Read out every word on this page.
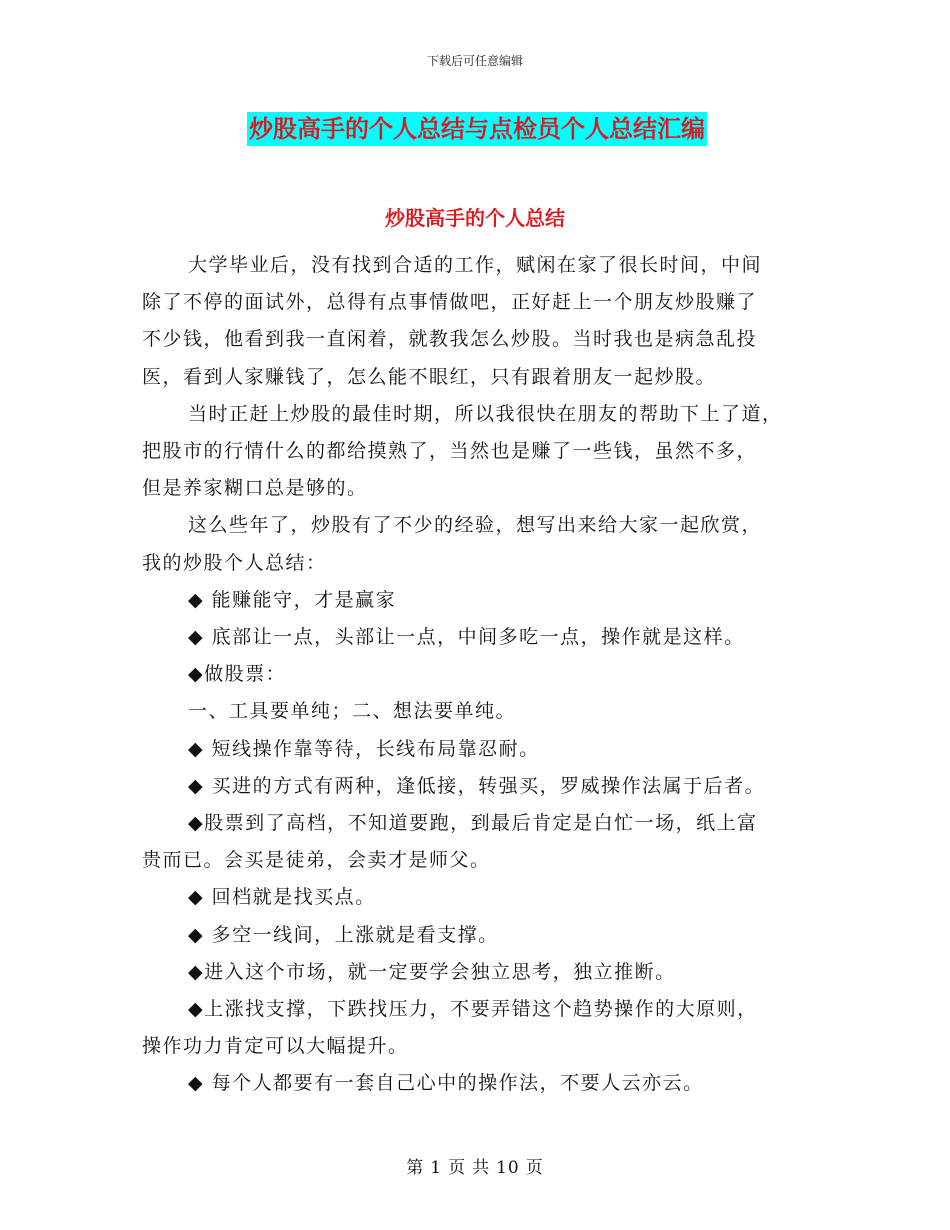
下载后可任意编辑
炒股高手的个人总结与点检员个人总结汇编
炒股高手的个人总结

大学毕业后，没有找到合适的工作，赋闲在家了很长时间，中间

除了不停的面试外，总得有点事情做吧，正好赶上一个朋友炒股赚了

不少钱，他看到我一直闲着，就教我怎么炒股。当时我也是病急乱投

医，看到人家赚钱了，怎么能不眼红，只有跟着朋友一起炒股。

当时正赶上炒股的最佳时期，所以我很快在朋友的帮助下上了道，

把股市的行情什么的都给摸熟了，当然也是赚了一些钱，虽然不多，

但是养家糊口总是够的。

这么些年了，炒股有了不少的经验，想写出来给大家一起欣赏，

我的炒股个人总结：

◆ 能赚能守，才是赢家

◆ 底部让一点，头部让一点，中间多吃一点，操作就是这样。

◆做股票：

一、工具要单纯；二、想法要单纯。

◆ 短线操作靠等待，长线布局靠忍耐。

◆ 买进的方式有两种，逢低接，转强买，罗威操作法属于后者。

◆股票到了高档，不知道要跑，到最后肯定是白忙一场，纸上富

贵而已。会买是徒弟，会卖才是师父。

◆ 回档就是找买点。

◆ 多空一线间，上涨就是看支撑。

◆进入这个市场，就一定要学会独立思考，独立推断。

◆上涨找支撑，下跌找压力，不要弄错这个趋势操作的大原则，

操作功力肯定可以大幅提升。

◆ 每个人都要有一套自己心中的操作法，不要人云亦云。

第 1 页 共 10 页
